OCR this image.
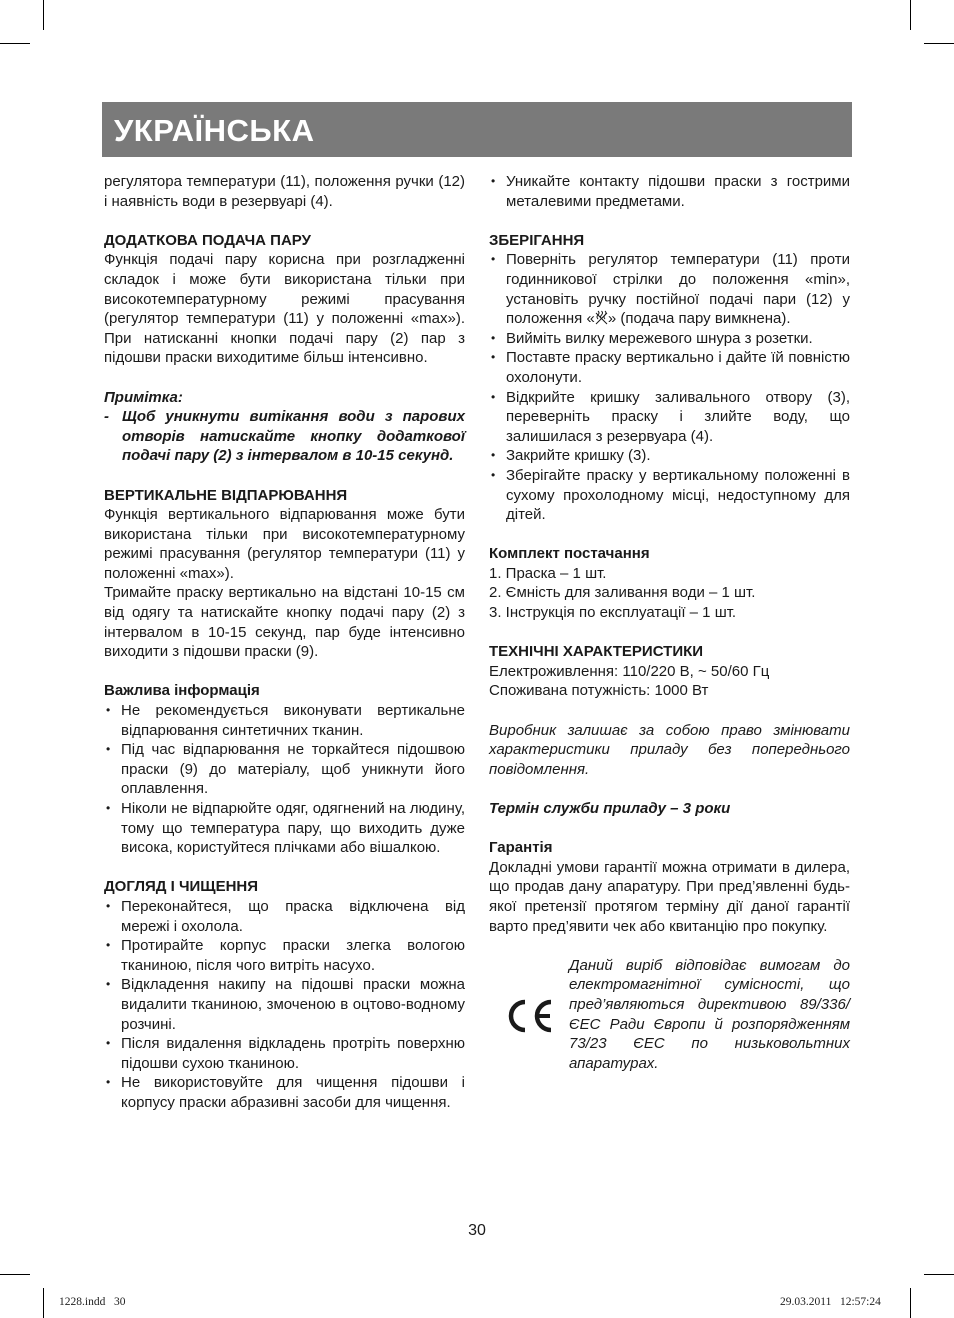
УКРАЇНСЬКА

регулятора температури (11), положення ручки (12) і наявність води в резервуарі (4).

ДОДАТКОВА ПОДАЧА ПАРУ

Функція подачі пару корисна при розгладженні складок і може бути використана тільки при високотемпературному режимі прасування (регулятор температури (11) у положенні «max»). При натисканні кнопки подачі пару (2) пар з підошви праски виходитиме більш інтенсивно.

Примітка:

- Щоб уникнути витікання води з парових отворів натискайте кнопку додаткової подачі пару (2) з інтервалом в 10-15 секунд.

ВЕРТИКАЛЬНЕ ВІДПАРЮВАННЯ

Функція вертикального відпарювання може бути використана тільки при високотемпературному режимі прасування (регулятор температури (11) у положенні «max»).

Тримайте праску вертикально на відстані 10-15 см від одягу та натискайте кнопку подачі пару (2) з інтервалом в 10-15 секунд, пар буде інтенсивно виходити з підошви праски (9).

Важлива інформація
• Не рекомендується виконувати вертикальне відпарювання синтетичних тканин.
• Під час відпарювання не торкайтеся підошвою праски (9) до матеріалу, щоб уникнути його оплавлення.
• Ніколи не відпарюйте одяг, одягнений на людину, тому що температура пару, що виходить дуже висока, користуйтеся плічками або вішалкою.
ДОГЛЯД І ЧИЩЕННЯ
• Переконайтеся, що праска відключена від мережі і охолола.
• Протирайте корпус праски злегка вологою тканиною, після чого витріть насухо.
• Відкладення накипу на підошві праски можна видалити тканиною, змоченою в оцтово-водному розчині.
• Після видалення відкладень протріть поверхню підошви сухою тканиною.
• Не використовуйте для чищення підошви і корпусу праски абразивні засоби для чищення.
• Уникайте контакту підошви праски з гострими металевими предметами.
ЗБЕРІГАННЯ
• Поверніть регулятор температури (11) проти годинникової стрілки до положення «min», установіть ручку постійної подачі пари (12) у положення « » (подача пару вимкнена).
• Вийміть вилку мережевого шнура з розетки.
• Поставте праску вертикально і дайте їй повністю охолонути.
• Відкрийте кришку заливального отвору (3), переверніть праску і злийте воду, що залишилася з резервуара (4).
• Закрийте кришку (3).
• Зберігайте праску у вертикальному положенні в сухому прохолодному місці, недоступному для дітей.
Комплект постачання
1. Праска – 1 шт.
2. Ємність для заливання води – 1 шт.
3. Інструкція по експлуатації – 1 шт.
ТЕХНІЧНІ ХАРАКТЕРИСТИКИ
Електроживлення: 110/220 В, ~ 50/60 Гц
Споживана потужність: 1000 Вт

Виробник залишає за собою право змінювати характеристики приладу без попереднього повідомлення.

Термін служби приладу – 3 роки
Гарантія

Докладні умови гарантії можна отримати в дилера, що продав дану апаратуру. При пред’явленні будь-якої претензії протягом терміну дії даної гарантії варто пред’явити чек або квитанцію про покупку.

Даний виріб відповідає вимогам до електромагнітної сумісності, що пред’являються директивою 89/336/ЄЕС Ради Європи й розпорядженням 73/23 ЄЕС по низьковольтних апаратурах.

30
1228.indd   30	29.03.2011   12:57:24
